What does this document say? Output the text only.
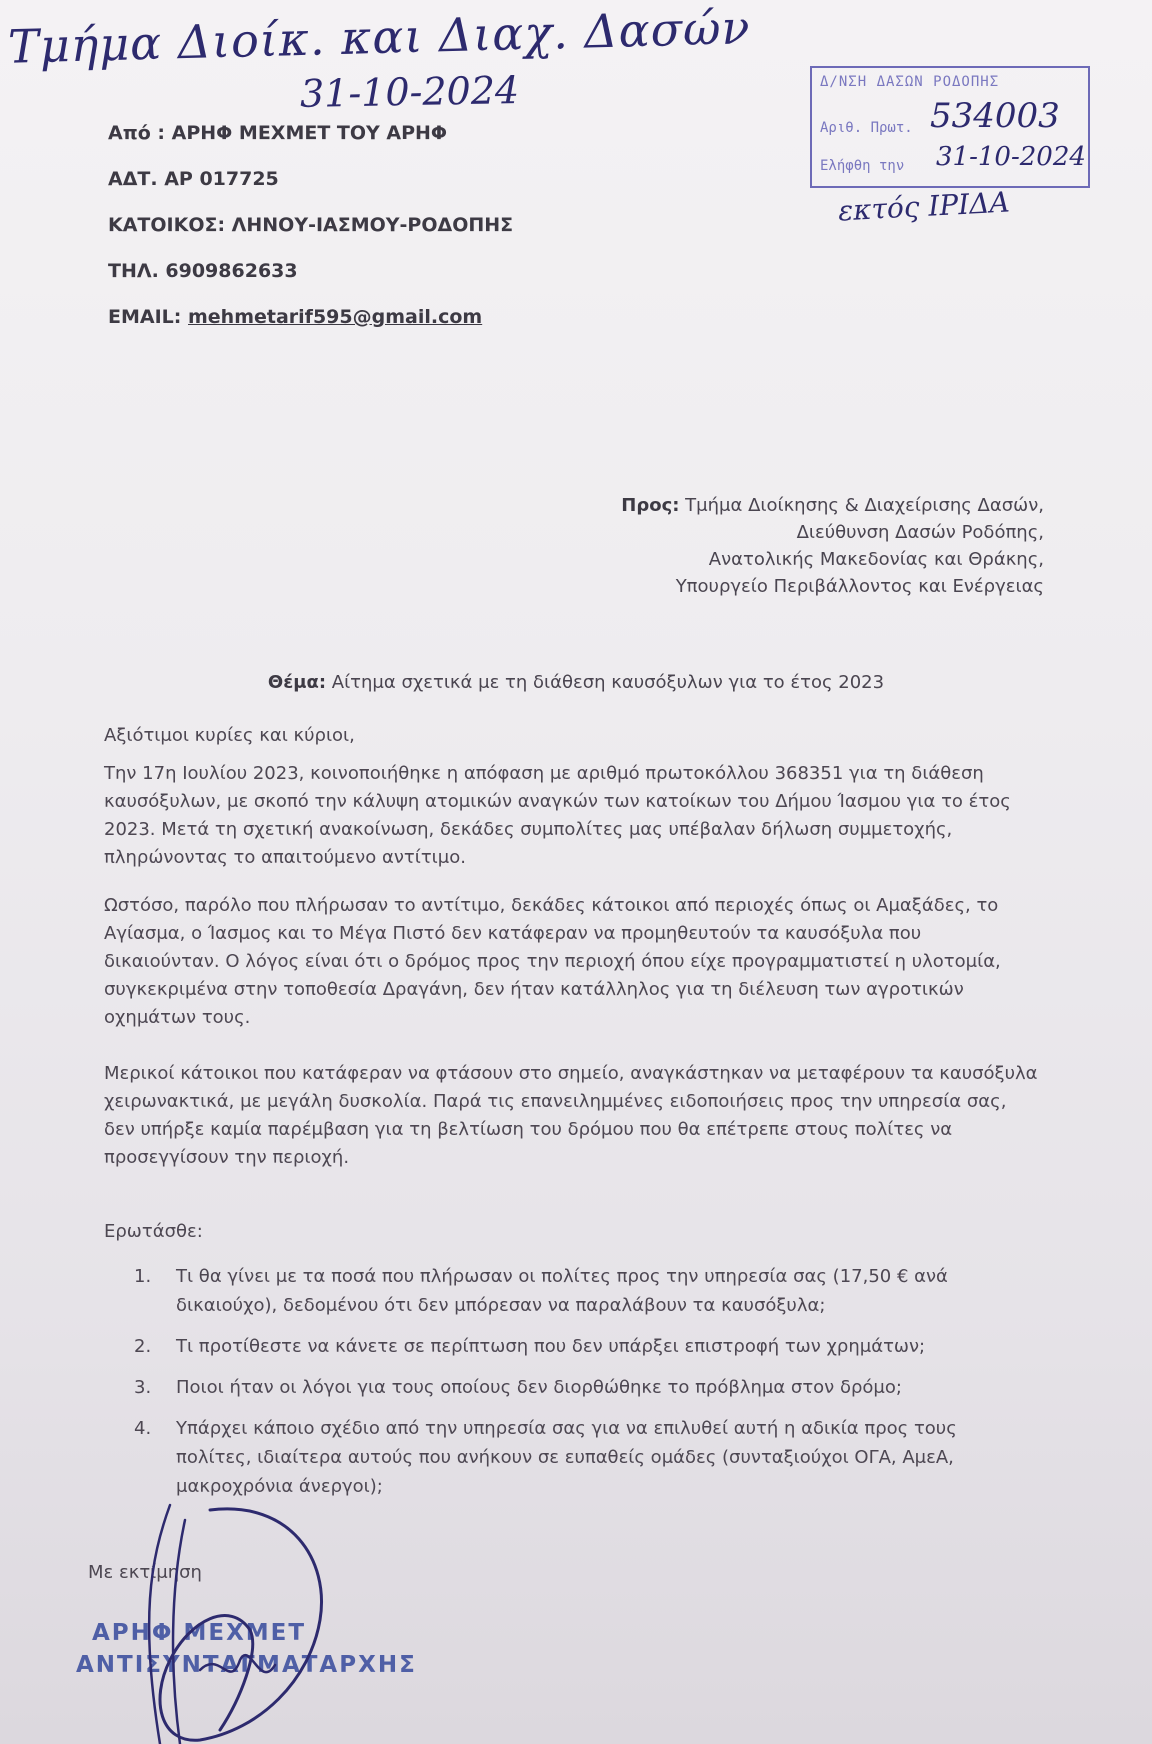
Τμήμα Διοίκ. και Διαχ. Δασών
31-10-2024
Από : ΑΡΗΦ ΜΕΧΜΕΤ ΤΟΥ ΑΡΗΦ
ΑΔΤ. ΑΡ 017725
ΚΑΤΟΙΚΟΣ: ΛΗΝΟΥ-ΙΑΣΜΟΥ-ΡΟΔΟΠΗΣ
ΤΗΛ. 6909862633
EMAIL: mehmetarif595@gmail.com
Δ/ΝΣΗ ΔΑΣΩΝ ΡΟΔΟΠΗΣ
Αριθ. Πρωτ. 534003
Ελήφθη την 31-10-2024
εκτός ΙΡΙΔΑ
Προς: Τμήμα Διοίκησης & Διαχείρισης Δασών,
Διεύθυνση Δασών Ροδόπης,
Ανατολικής Μακεδονίας και Θράκης,
Υπουργείο Περιβάλλοντος και Ενέργειας
Θέμα: Αίτημα σχετικά με τη διάθεση καυσόξυλων για το έτος 2023
Αξιότιμοι κυρίες και κύριοι,

Την 17η Ιουλίου 2023, κοινοποιήθηκε η απόφαση με αριθμό πρωτοκόλλου 368351 για τη διάθεση καυσόξυλων, με σκοπό την κάλυψη ατομικών αναγκών των κατοίκων του Δήμου Ίασμου για το έτος 2023. Μετά τη σχετική ανακοίνωση, δεκάδες συμπολίτες μας υπέβαλαν δήλωση συμμετοχής, πληρώνοντας το απαιτούμενο αντίτιμο.

Ωστόσο, παρόλο που πλήρωσαν το αντίτιμο, δεκάδες κάτοικοι από περιοχές όπως οι Αμαξάδες, το Αγίασμα, ο Ίασμος και το Μέγα Πιστό δεν κατάφεραν να προμηθευτούν τα καυσόξυλα που δικαιούνταν. Ο λόγος είναι ότι ο δρόμος προς την περιοχή όπου είχε προγραμματιστεί η υλοτομία, συγκεκριμένα στην τοποθεσία Δραγάνη, δεν ήταν κατάλληλος για τη διέλευση των αγροτικών οχημάτων τους.

Μερικοί κάτοικοι που κατάφεραν να φτάσουν στο σημείο, αναγκάστηκαν να μεταφέρουν τα καυσόξυλα χειρωνακτικά, με μεγάλη δυσκολία. Παρά τις επανειλημμένες ειδοποιήσεις προς την υπηρεσία σας, δεν υπήρξε καμία παρέμβαση για τη βελτίωση του δρόμου που θα επέτρεπε στους πολίτες να προσεγγίσουν την περιοχή.

Ερωτάσθε:
1.	Τι θα γίνει με τα ποσά που πλήρωσαν οι πολίτες προς την υπηρεσία σας (17,50 € ανά δικαιούχο), δεδομένου ότι δεν μπόρεσαν να παραλάβουν τα καυσόξυλα;
2.	Τι προτίθεστε να κάνετε σε περίπτωση που δεν υπάρξει επιστροφή των χρημάτων;
3.	Ποιοι ήταν οι λόγοι για τους οποίους δεν διορθώθηκε το πρόβλημα στον δρόμο;
4.	Υπάρχει κάποιο σχέδιο από την υπηρεσία σας για να επιλυθεί αυτή η αδικία προς τους πολίτες, ιδιαίτερα αυτούς που ανήκουν σε ευπαθείς ομάδες (συνταξιούχοι ΟΓΑ, ΑμεΑ, μακροχρόνια άνεργοι);
Με εκτίμηση
ΑΡΗΦ ΜΕΧΜΕΤ
ΑΝΤΙΣΥΝΤΑΓΜΑΤΑΡΧΗΣ
